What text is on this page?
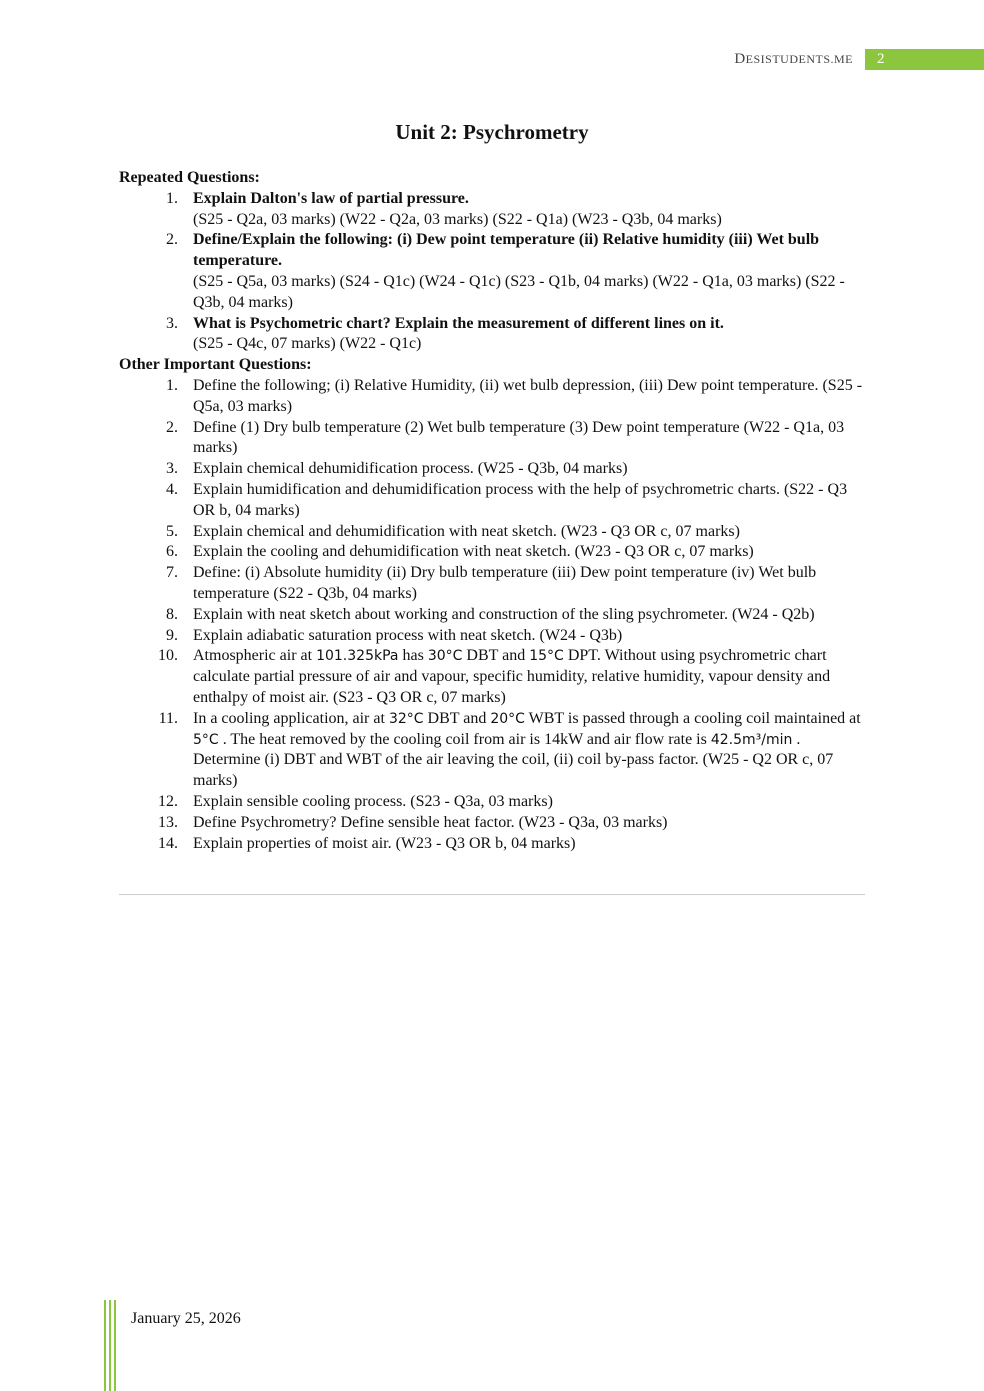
DESISTUDENTS.ME	2
Unit 2: Psychrometry
Repeated Questions:
1. Explain Dalton's law of partial pressure.
(S25 - Q2a, 03 marks) (W22 - Q2a, 03 marks) (S22 - Q1a) (W23 - Q3b, 04 marks)
2. Define/Explain the following: (i) Dew point temperature (ii) Relative humidity (iii) Wet bulb temperature.
(S25 - Q5a, 03 marks) (S24 - Q1c) (W24 - Q1c) (S23 - Q1b, 04 marks) (W22 - Q1a, 03 marks) (S22 - Q3b, 04 marks)
3. What is Psychometric chart? Explain the measurement of different lines on it.
(S25 - Q4c, 07 marks) (W22 - Q1c)
Other Important Questions:
1. Define the following; (i) Relative Humidity, (ii) wet bulb depression, (iii) Dew point temperature. (S25 - Q5a, 03 marks)
2. Define (1) Dry bulb temperature (2) Wet bulb temperature (3) Dew point temperature (W22 - Q1a, 03 marks)
3. Explain chemical dehumidification process. (W25 - Q3b, 04 marks)
4. Explain humidification and dehumidification process with the help of psychrometric charts. (S22 - Q3 OR b, 04 marks)
5. Explain chemical and dehumidification with neat sketch. (W23 - Q3 OR c, 07 marks)
6. Explain the cooling and dehumidification with neat sketch. (W23 - Q3 OR c, 07 marks)
7. Define: (i) Absolute humidity (ii) Dry bulb temperature (iii) Dew point temperature (iv) Wet bulb temperature (S22 - Q3b, 04 marks)
8. Explain with neat sketch about working and construction of the sling psychrometer. (W24 - Q2b)
9. Explain adiabatic saturation process with neat sketch. (W24 - Q3b)
10. Atmospheric air at 101.325kPa has 30°C DBT and 15°C DPT. Without using psychrometric chart calculate partial pressure of air and vapour, specific humidity, relative humidity, vapour density and enthalpy of moist air. (S23 - Q3 OR c, 07 marks)
11. In a cooling application, air at 32°C DBT and 20°C WBT is passed through a cooling coil maintained at 5°C . The heat removed by the cooling coil from air is 14kW and air flow rate is 42.5m³/min . Determine (i) DBT and WBT of the air leaving the coil, (ii) coil by-pass factor. (W25 - Q2 OR c, 07 marks)
12. Explain sensible cooling process. (S23 - Q3a, 03 marks)
13. Define Psychrometry? Define sensible heat factor. (W23 - Q3a, 03 marks)
14. Explain properties of moist air. (W23 - Q3 OR b, 04 marks)
January 25, 2026
